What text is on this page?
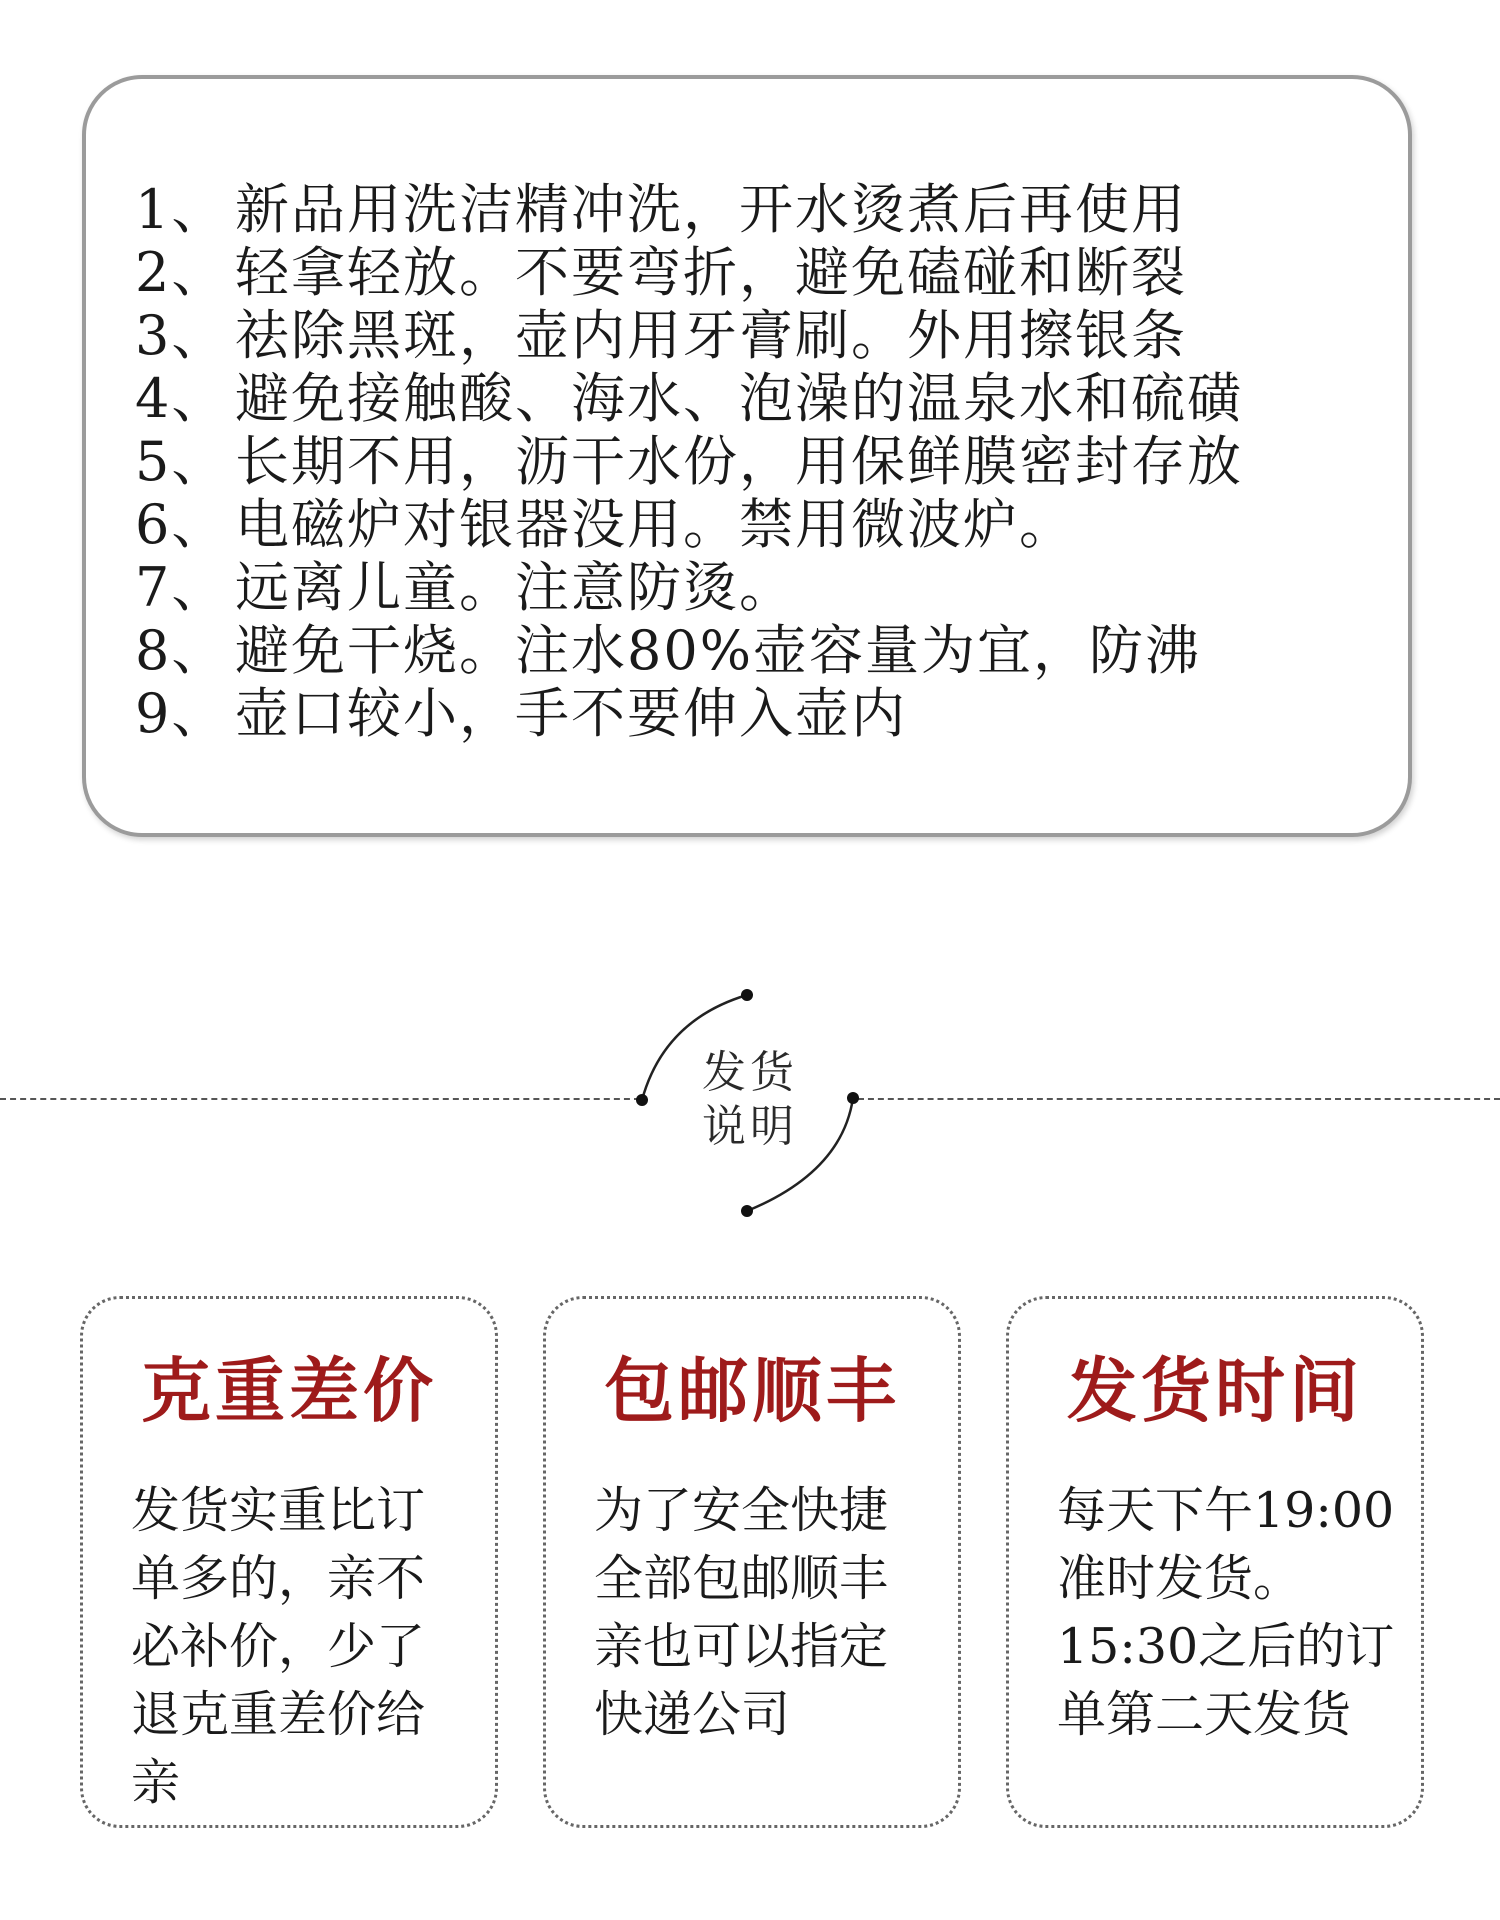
1、 新品用洗洁精冲洗，开水烫煮后再使用
2、 轻拿轻放。不要弯折，避免磕碰和断裂
3、 祛除黑斑，壶内用牙膏刷。外用擦银条
4、 避免接触酸、海水、泡澡的温泉水和硫磺
5、 长期不用，沥干水份，用保鲜膜密封存放
6、 电磁炉对银器没用。禁用微波炉。
7、 远离儿童。注意防烫。
8、 避免干烧。注水80%壶容量为宜，防沸
9、 壶口较小，手不要伸入壶内
发货
说明
克重差价
发货实重比订
单多的，亲不
必补价，少了
退克重差价给
亲
包邮顺丰
为了安全快捷
全部包邮顺丰
亲也可以指定
快递公司
发货时间
每天下午19:00
准时发货。
15:30之后的订
单第二天发货
